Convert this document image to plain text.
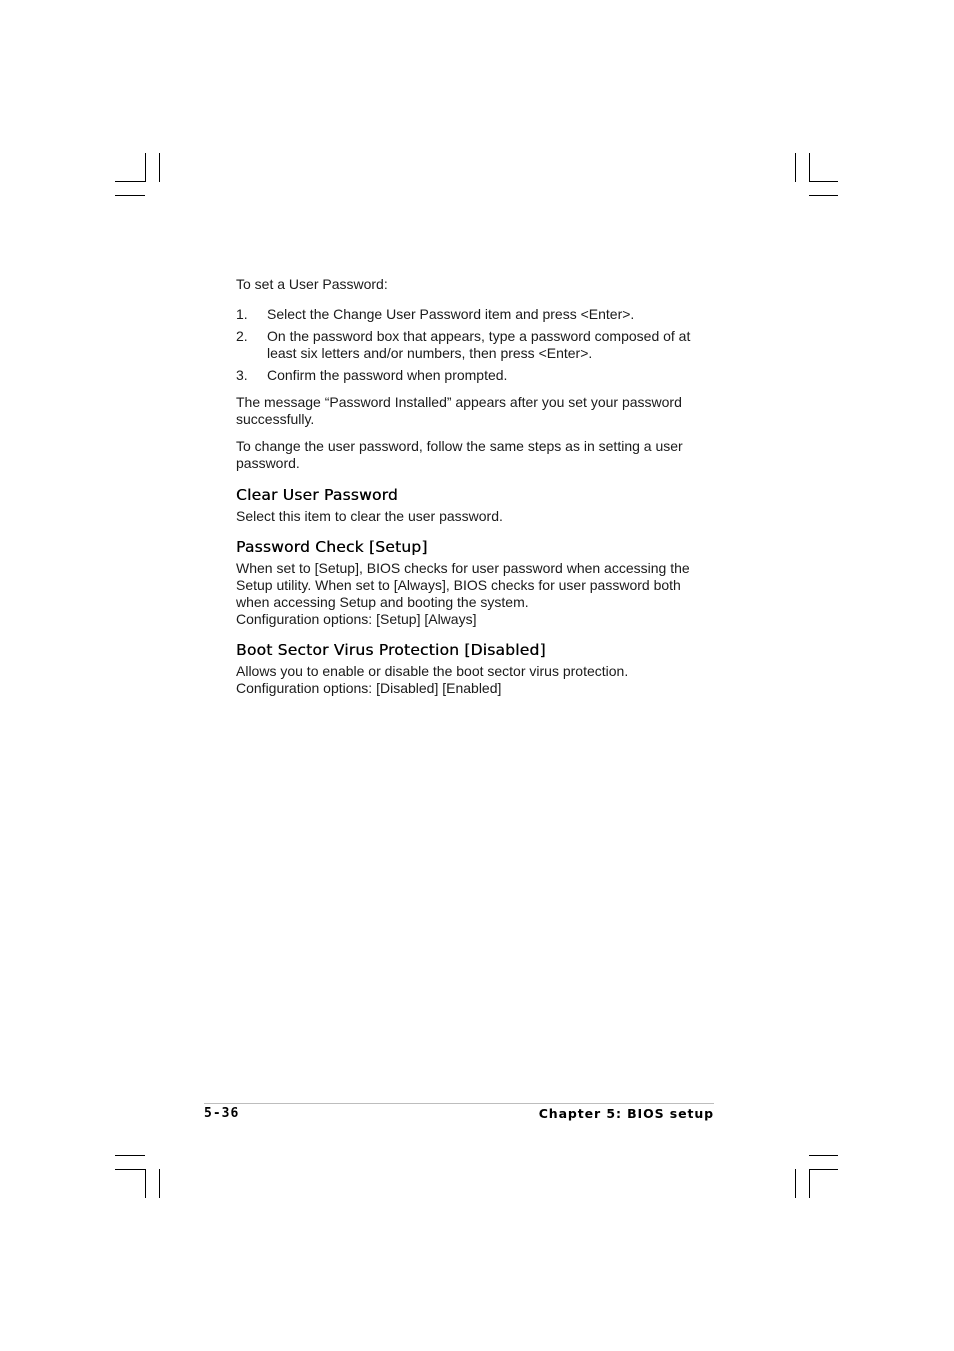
To set a User Password:

1. Select the Change User Password item and press <Enter>.
2. On the password box that appears, type a password composed of at least six letters and/or numbers, then press <Enter>.
3. Confirm the password when prompted.

The message “Password Installed” appears after you set your password successfully.

To change the user password, follow the same steps as in setting a user password.

Clear User Password

Select this item to clear the user password.

Password Check [Setup]

When set to [Setup], BIOS checks for user password when accessing the Setup utility. When set to [Always], BIOS checks for user password both when accessing Setup and booting the system.

Configuration options: [Setup] [Always]

Boot Sector Virus Protection [Disabled]

Allows you to enable or disable the boot sector virus protection.

Configuration options: [Disabled] [Enabled]

5-36	Chapter 5: BIOS setup
